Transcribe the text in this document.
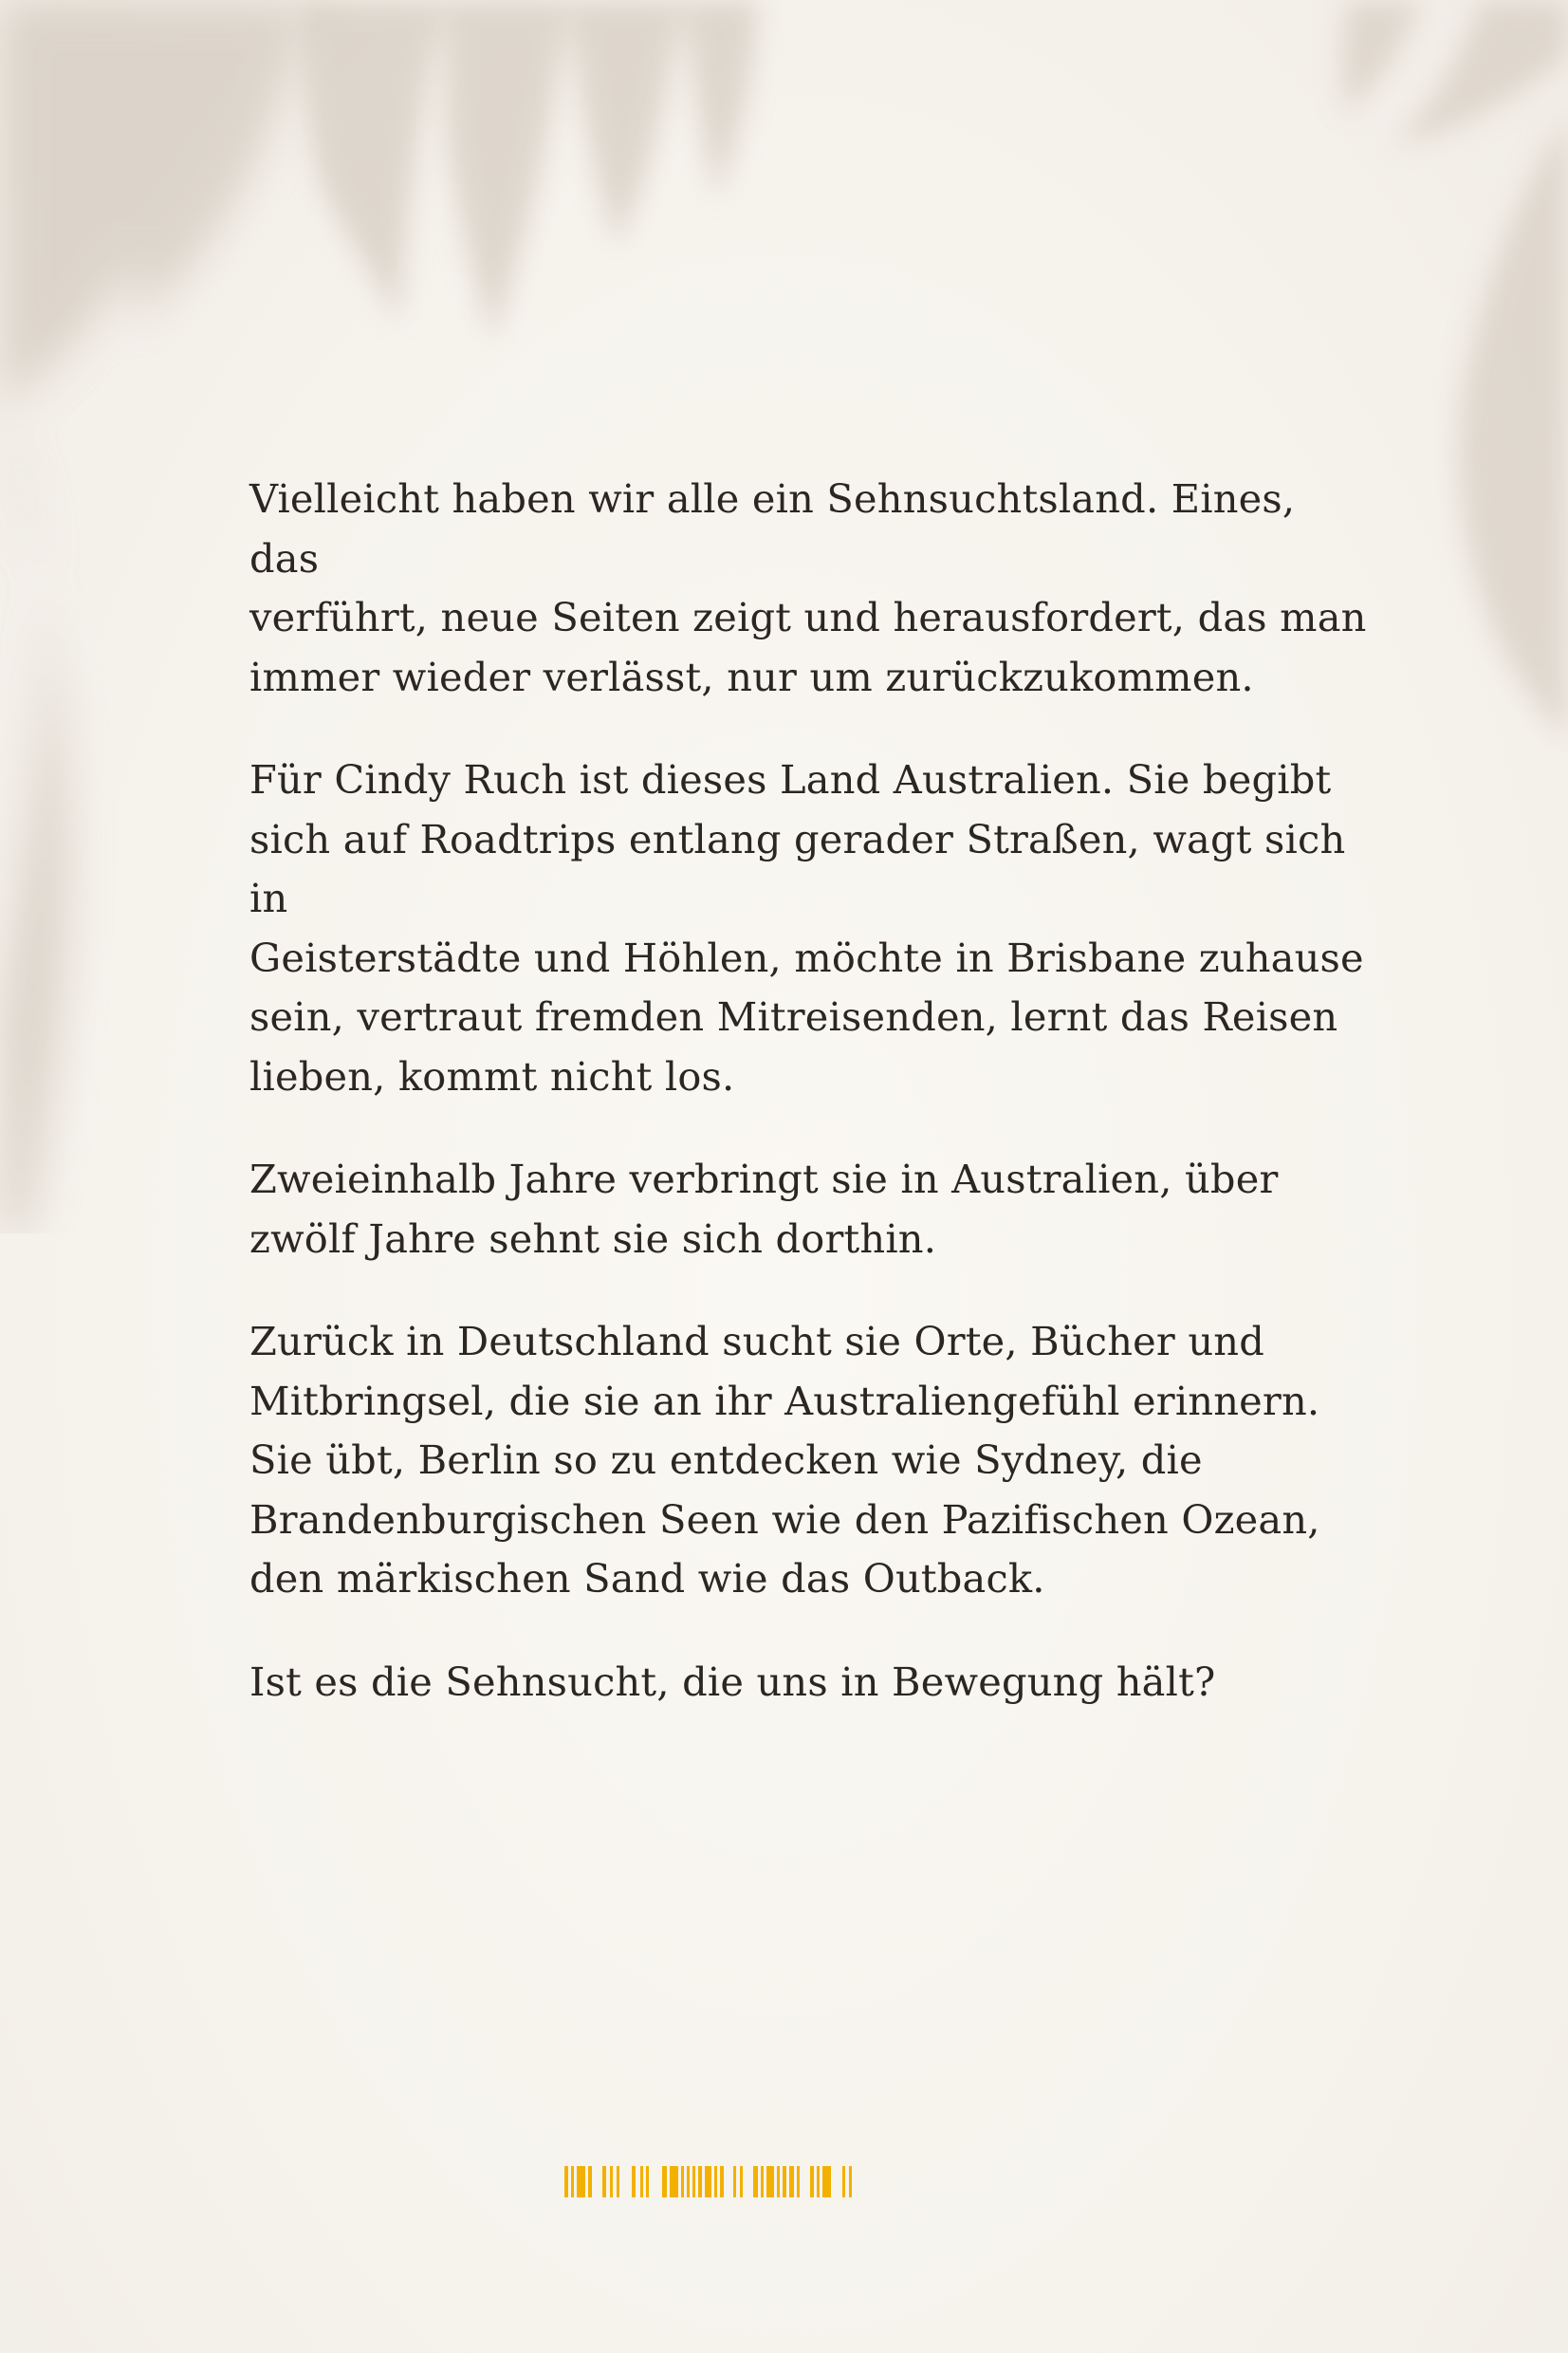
Vielleicht haben wir alle ein Sehnsuchtsland. Eines, das
verführt, neue Seiten zeigt und herausfordert, das man
immer wieder verlässt, nur um zurückzukommen.

Für Cindy Ruch ist dieses Land Australien. Sie begibt
sich auf Roadtrips entlang gerader Straßen, wagt sich in
Geisterstädte und Höhlen, möchte in Brisbane zuhause
sein, vertraut fremden Mitreisenden, lernt das Reisen
lieben, kommt nicht los.

Zweieinhalb Jahre verbringt sie in Australien, über
zwölf Jahre sehnt sie sich dorthin.

Zurück in Deutschland sucht sie Orte, Bücher und
Mitbringsel, die sie an ihr Australiengefühl erinnern.
Sie übt, Berlin so zu entdecken wie Sydney, die
Brandenburgischen Seen wie den Pazifischen Ozean,
den märkischen Sand wie das Outback.

Ist es die Sehnsucht, die uns in Bewegung hält?
